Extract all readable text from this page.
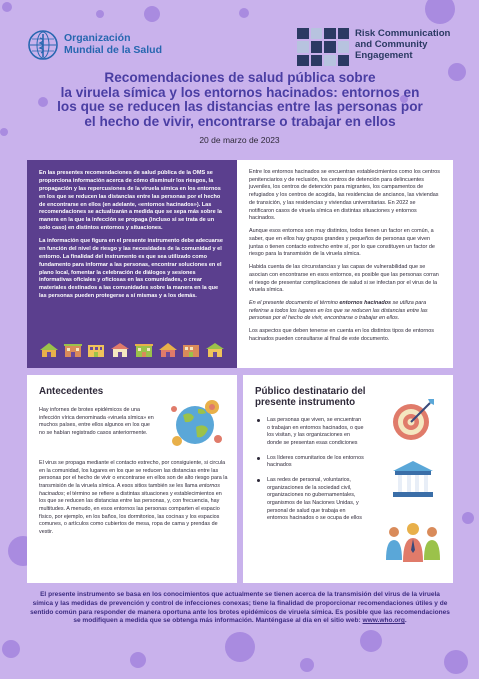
Organización
Mundial de la Salud
Risk Communication
and Community
Engagement
Recomendaciones de salud pública sobre
la viruela símica y los entornos hacinados: entornos en
los que se reducen las distancias entre las personas por
el hecho de vivir, encontrarse o trabajar en ellos
20 de marzo de 2023

En las presentes recomendaciones de salud pública de la OMS se proporciona información acerca de cómo disminuir los riesgos, la propagación y las repercusiones de la viruela símica en los entornos en los que se reducen las distancias entre las personas por el hecho de encontrarse en ellos (en adelante, «entornos hacinados»). Las recomendaciones se actualizarán a medida que se sepa más sobre la manera en la que la infección se propaga (incluso si se trata de un solo caso) en distintos entornos y situaciones.

La información que figura en el presente instrumento debe adecuarse en función del nivel de riesgo y las necesidades de la comunidad y el entorno. La finalidad del instrumento es que sea utilizado como fundamento para informar a las personas, encontrar soluciones en el plano local, fomentar la celebración de diálogos y sesiones informativas oficiales y oficiosas en las comunidades, o crear materiales destinados a las comunidades sobre la manera en la que las personas pueden protegerse a sí mismas y a los demás.

Entre los entornos hacinados se encuentran establecimientos como los centros penitenciarios y de reclusión, los centros de detención para delincuentes juveniles, los centros de detención para migrantes, los campamentos de refugiados y los centros de acogida, las residencias de ancianos, las viviendas de transición, y las residencias y viviendas universitarias. En 2022 se notificaron casos de viruela símica en distintas situaciones y entornos hacinados.

Aunque esos entornos son muy distintos, todos tienen un factor en común, a saber, que en ellos hay grupos grandes y pequeños de personas que viven juntas o tienen contacto estrecho entre sí, por lo que constituyen un factor de riesgo para la transmisión de la viruela símica.

Habida cuenta de las circunstancias y las capas de vulnerabilidad que se asocian con encontrarse en esos entornos, es posible que las personas corran el riesgo de presentar complicaciones de salud si se infectan por el virus de la viruela símica.

En el presente documento el término entornos hacinados se utiliza para referirse a todos los lugares en los que se reducen las distancias entre las personas por el hecho de vivir, encontrarse o trabajar en ellos.

Los aspectos que deben tenerse en cuenta en los distintos tipos de entornos hacinados pueden consultarse al final de este documento.

Antecedentes
Hay infornes de brotes epidémicos de una infección vírica denominada «viruela símica» en muchos países, entre ellos algunos en los que no se habían registrado casos anteriormente.
El virus se propaga mediante el contacto estrecho, por consiguiente, si circula en la comunidad, los lugares en los que se reducen las distancias entre las personas por el hecho de vivir o encontrarse en ellos son de alto riesgo para la transmisión de la viruela símica. A esos sitios también se les llama entornos hacinados; el término se refiere a distintas situaciones y establecimientos en los que se reducen las distancias entre las personas, y, con frecuencia, hay multitudes. A menudo, en esos entornos las personas comparten el espacio físico, por ejemplo, en los baños, los dormitorios, las cocinas y los espacios comunes, o artículos como cubiertos de mesa, ropa de cama y prendas de vestir.
Público destinatario del
presente instrumento
Las personas que viven, se encuentran o trabajan en entornos hacinados, o que los visitan, y las organizaciones en donde se presentan esas condiciones
Los líderes comunitarios de los entornos hacinados
Las redes de personal, voluntarios, organizaciones de la sociedad civil, organizaciones no gubernamentales, organismos de las Naciones Unidas, y personal de salud que trabaja en entornos hacinados o se ocupa de ellos
El presente instrumento se basa en los conocimientos que actualmente se tienen acerca de la transmisión del virus de la viruela símica y las medidas de prevención y control de infecciones conexas; tiene la finalidad de proporcionar recomendaciones útiles y de sentido común para responder de manera oportuna ante los brotes epidémicos de viruela símica. Es posible que las recomendaciones se modifiquen a medida que se obtenga más información. Manténgase al día en el sitio web: www.who.org.
